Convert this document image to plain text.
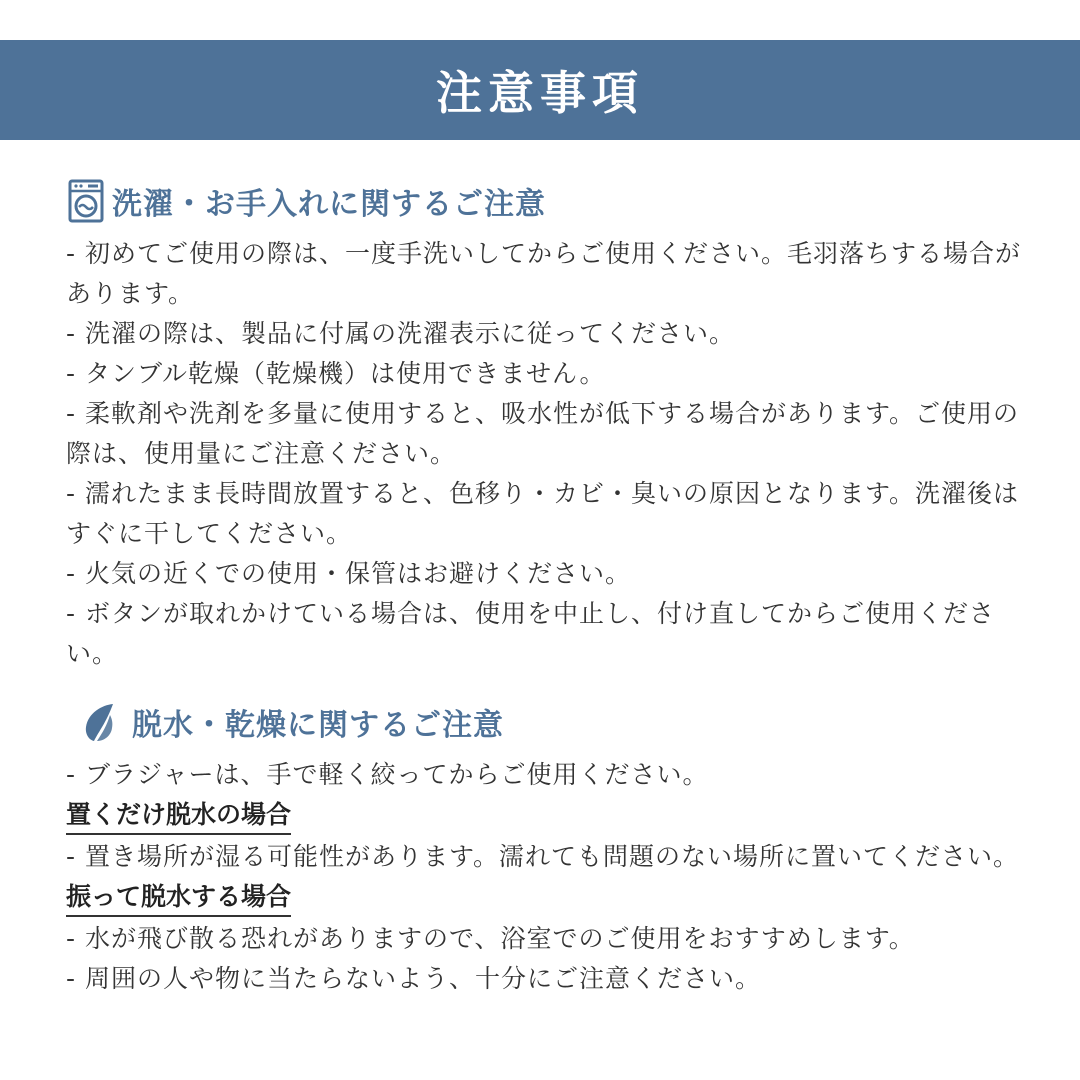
注意事項
洗濯・お手入れに関するご注意
- 初めてご使用の際は、一度手洗いしてからご使用ください。毛羽落ちする場合があります。
- 洗濯の際は、製品に付属の洗濯表示に従ってください。
- タンブル乾燥（乾燥機）は使用できません。
- 柔軟剤や洗剤を多量に使用すると、吸水性が低下する場合があります。ご使用の際は、使用量にご注意ください。
- 濡れたまま長時間放置すると、色移り・カビ・臭いの原因となります。洗濯後はすぐに干してください。
- 火気の近くでの使用・保管はお避けください。
- ボタンが取れかけている場合は、使用を中止し、付け直してからご使用ください。
脱水・乾燥に関するご注意
- ブラジャーは、手で軽く絞ってからご使用ください。
置くだけ脱水の場合
- 置き場所が湿る可能性があります。濡れても問題のない場所に置いてください。
振って脱水する場合
- 水が飛び散る恐れがありますので、浴室でのご使用をおすすめします。
- 周囲の人や物に当たらないよう、十分にご注意ください。
